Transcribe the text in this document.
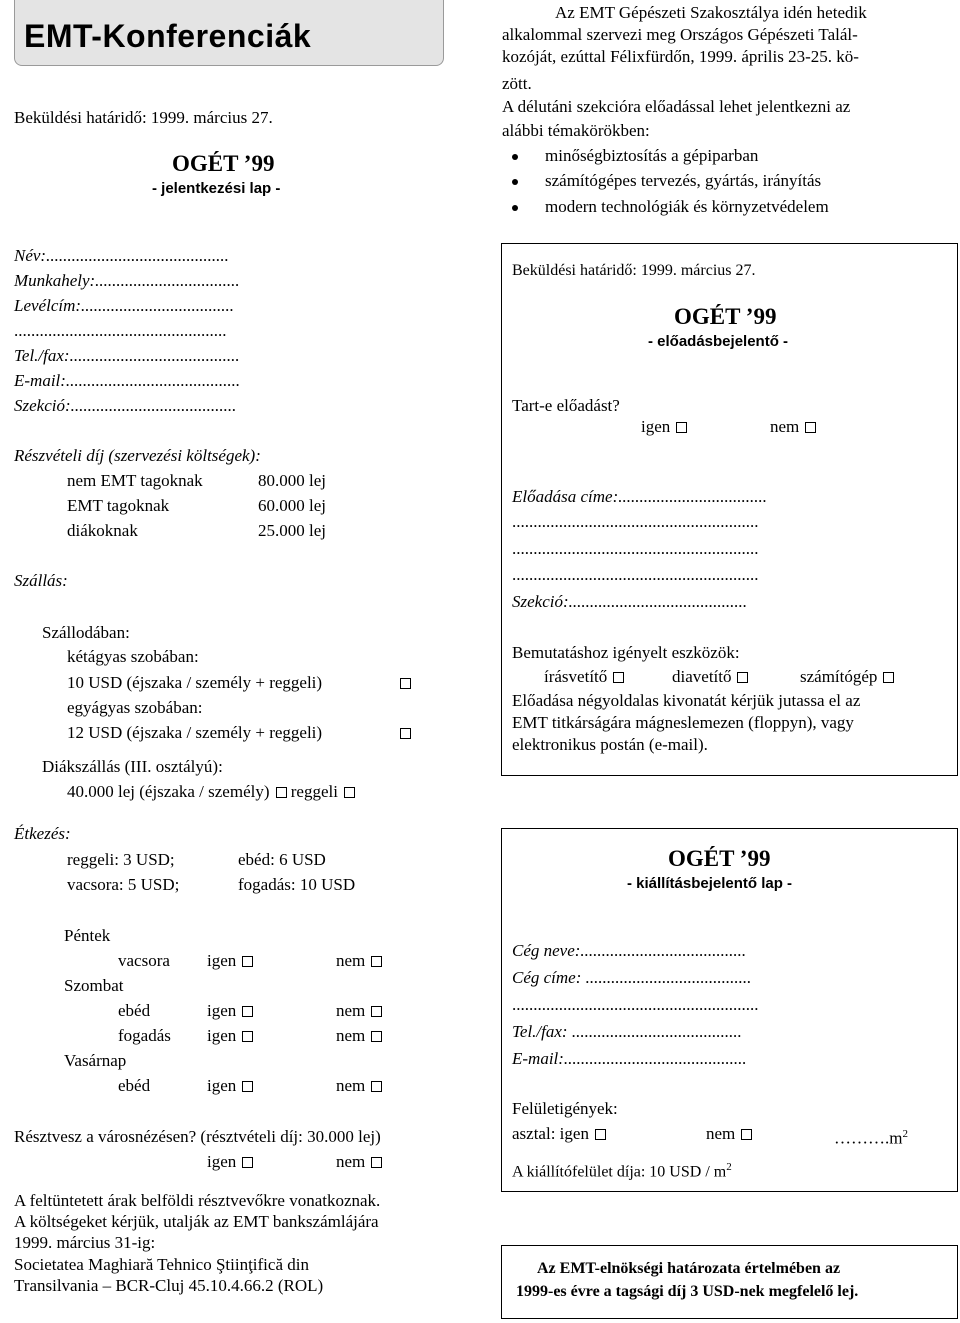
EMT-Konferenciák
Beküldési határidő: 1999. március 27.
OGÉT ’99
- jelentkezési lap -
Név:...........................................
Munkahely:..................................
Levélcím:....................................
..................................................
Tel./fax:........................................
E-mail:.........................................
Szekció:.......................................
Részvételi díj (szervezési költségek):
nem EMT tagoknak	80.000 lej
EMT tagoknak	60.000 lej
diákoknak	25.000 lej
Szállás:
Szállodában:
kétágyas szobában:
10 USD (éjszaka / személy + reggeli)
egyágyas szobában:
12 USD (éjszaka / személy + reggeli)
Diákszállás (III. osztályú):
40.000 lej (éjszaka / személy) reggeli
Étkezés:
reggeli: 3 USD;	ebéd: 6 USD
vacsora: 5 USD;	fogadás: 10 USD
Péntek
vacsora igen	nem
Szombat
ebéd	igen	nem
fogadás igen	nem
Vasárnap
ebéd	igen	nem
Résztvesz a városnézésen? (résztvételi díj: 30.000 lej)
igen	nem
A feltüntetett árak belföldi résztvevőkre vonatkoznak.
A költségeket kérjük, utalják az EMT bankszámlájára
1999. március 31-ig:
Societatea Maghiară Tehnico Ştiinţifică din
Transilvania – BCR-Cluj 45.10.4.66.2 (ROL)
Az EMT Gépészeti Szakosztálya idén hetedik
alkalommal szervezi meg Országos Gépészeti Talál-
kozóját, ezúttal Félixfürdőn, 1999. április 23-25. kö-
zött.
A délutáni szekcióra előadással lehet jelentkezni az
alábbi témakörökben:
minőségbiztosítás a gépiparban
számítógépes tervezés, gyártás, irányítás
modern technológiák és környzetvédelem
Beküldési határidő: 1999. március 27.
OGÉT ’99
- előadásbejelentő -
Tart-e előadást?
igen	nem
Előadása címe:...................................
..........................................................
..........................................................
..........................................................
Szekció:..........................................
Bemutatáshoz igényelt eszközök:
írásvetítő	diavetítő	számítógép
Előadása négyoldalas kivonatát kérjük jutassa el az
EMT titkárságára mágneslemezen (floppyn), vagy
elektronikus postán (e-mail).
OGÉT ’99
- kiállításbejelentő lap -
Cég neve:.......................................
Cég címe: .......................................
..........................................................
Tel./fax: ........................................
E-mail:...........................................
Felületigények:
asztal: igen	nem	$\dots\dots\dots.m^2$
A kiállítófelület díja: 10 USD / $m^2$
Az EMT-elnökségi határozata értelmében az
1999-es évre a tagsági díj 3 USD-nek megfelelő lej.
